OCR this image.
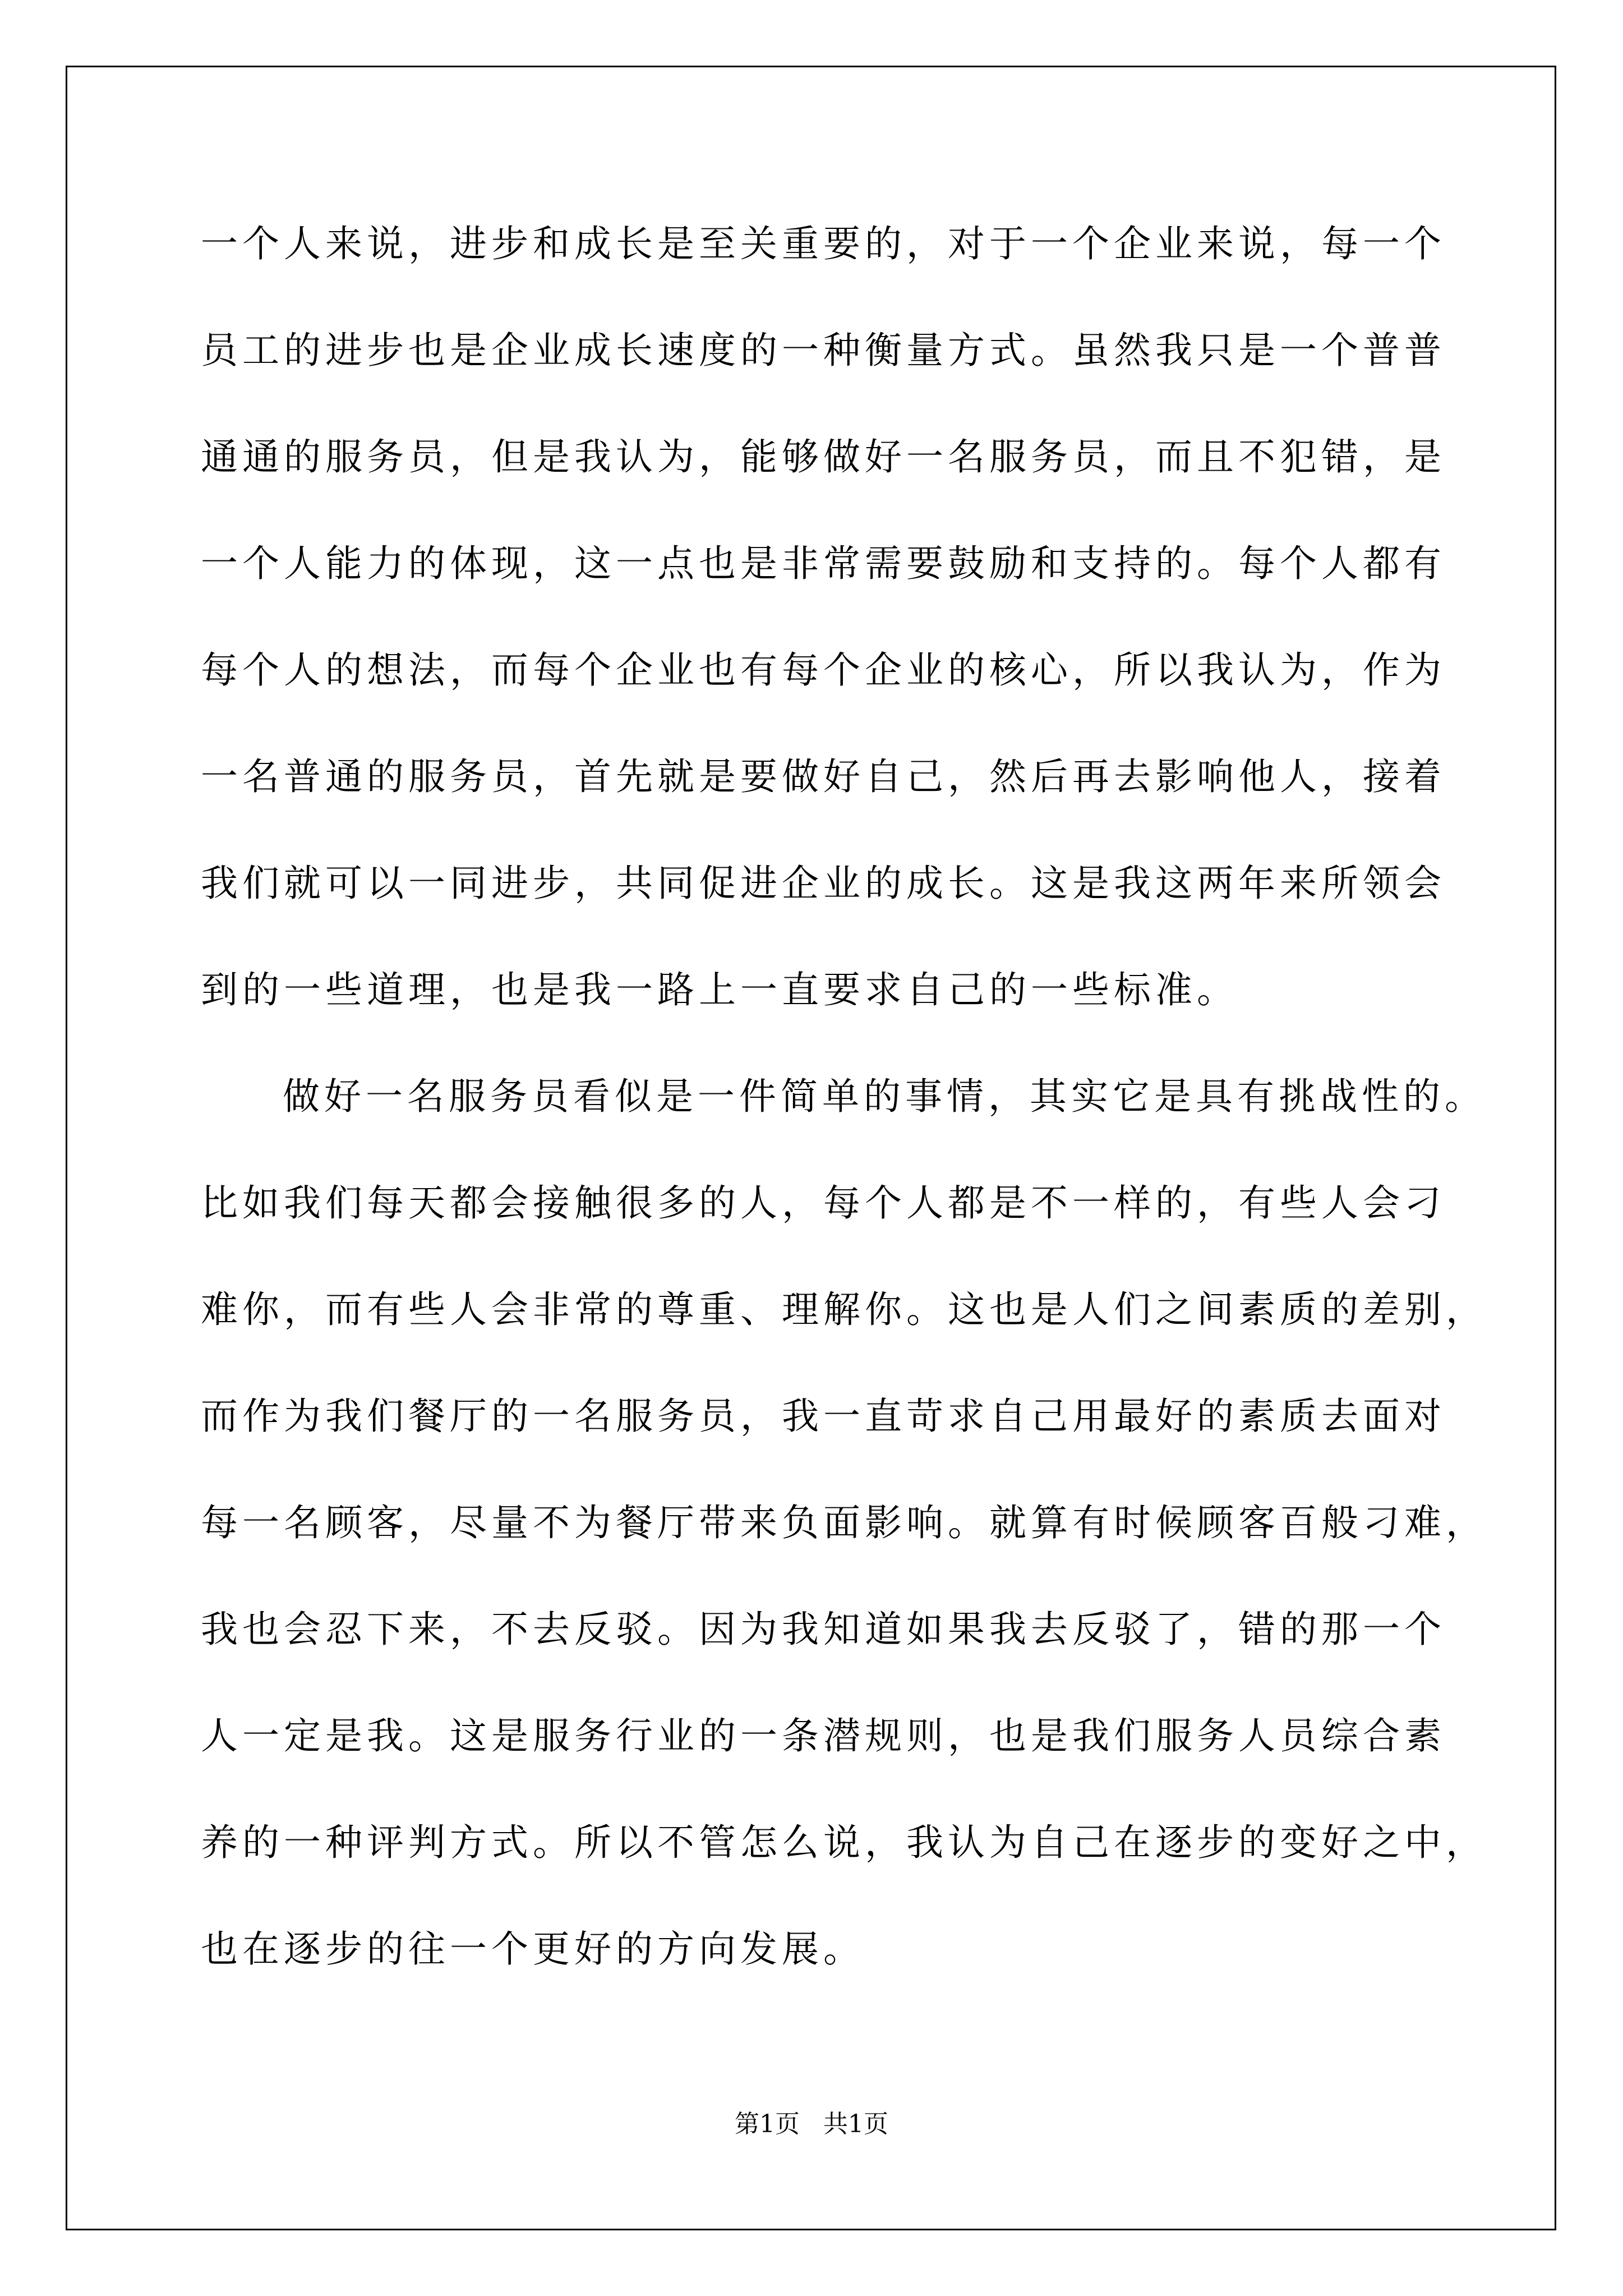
一个人来说，进步和成长是至关重要的，对于一个企业来说，每一个
员工的进步也是企业成长速度的一种衡量方式。虽然我只是一个普普
通通的服务员，但是我认为，能够做好一名服务员，而且不犯错，是
一个人能力的体现，这一点也是非常需要鼓励和支持的。每个人都有
每个人的想法，而每个企业也有每个企业的核心，所以我认为，作为
一名普通的服务员，首先就是要做好自己，然后再去影响他人，接着
我们就可以一同进步，共同促进企业的成长。这是我这两年来所领会
到的一些道理，也是我一路上一直要求自己的一些标准。
做好一名服务员看似是一件简单的事情，其实它是具有挑战性的。
比如我们每天都会接触很多的人，每个人都是不一样的，有些人会刁
难你，而有些人会非常的尊重、理解你。这也是人们之间素质的差别，
而作为我们餐厅的一名服务员，我一直苛求自己用最好的素质去面对
每一名顾客，尽量不为餐厅带来负面影响。就算有时候顾客百般刁难，
我也会忍下来，不去反驳。因为我知道如果我去反驳了，错的那一个
人一定是我。这是服务行业的一条潜规则，也是我们服务人员综合素
养的一种评判方式。所以不管怎么说，我认为自己在逐步的变好之中，
也在逐步的往一个更好的方向发展。
第1页   共1页
